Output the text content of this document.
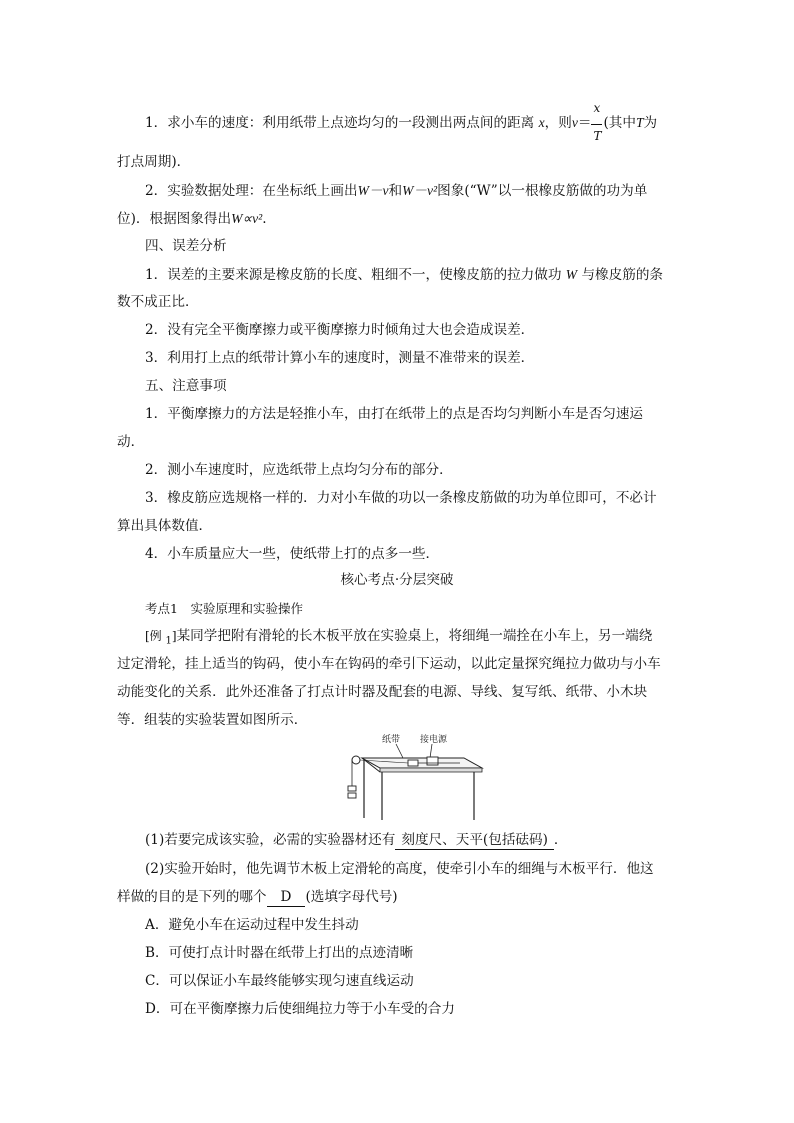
1．求小车的速度：利用纸带上点迹均匀的一段测出两点间的距离 x，则$v= \frac{x}{T}$ (其中T为
打点周期)．
2．实验数据处理：在坐标纸上画出W－v和W－v²图象(“W”以一根橡皮筋做的功为单
位)．根据图象得出W∝v².
四、误差分析
1．误差的主要来源是橡皮筋的长度、粗细不一，使橡皮筋的拉力做功 W 与橡皮筋的条
数不成正比．
2．没有完全平衡摩擦力或平衡摩擦力时倾角过大也会造成误差．
3．利用打上点的纸带计算小车的速度时，测量不准带来的误差．
五、注意事项
1．平衡摩擦力的方法是轻推小车，由打在纸带上的点是否均匀判断小车是否匀速运
动．
2．测小车速度时，应选纸带上点均匀分布的部分．
3．橡皮筋应选规格一样的．力对小车做的功以一条橡皮筋做的功为单位即可，不必计
算出具体数值．
4．小车质量应大一些，使纸带上打的点多一些．
核心考点·分层突破
考点1　实验原理和实验操作
[例 $_1$]某同学把附有滑轮的长木板平放在实验桌上，将细绳一端拴在小车上，另一端绕
过定滑轮，挂上适当的钩码，使小车在钩码的牵引下运动，以此定量探究绳拉力做功与小车
动能变化的关系．此外还准备了打点计时器及配套的电源、导线、复写纸、纸带、小木块
等．组装的实验装置如图所示．
纸带 接电源
(1)若要完成该实验，必需的实验器材还有 刻度尺、天平(包括砝码) ．
(2)实验开始时，他先调节木板上定滑轮的高度，使牵引小车的细绳与木板平行．他这
样做的目的是下列的哪个 D (选填字母代号)
A．避免小车在运动过程中发生抖动
B．可使打点计时器在纸带上打出的点迹清晰
C．可以保证小车最终能够实现匀速直线运动
D．可在平衡摩擦力后使细绳拉力等于小车受的合力
